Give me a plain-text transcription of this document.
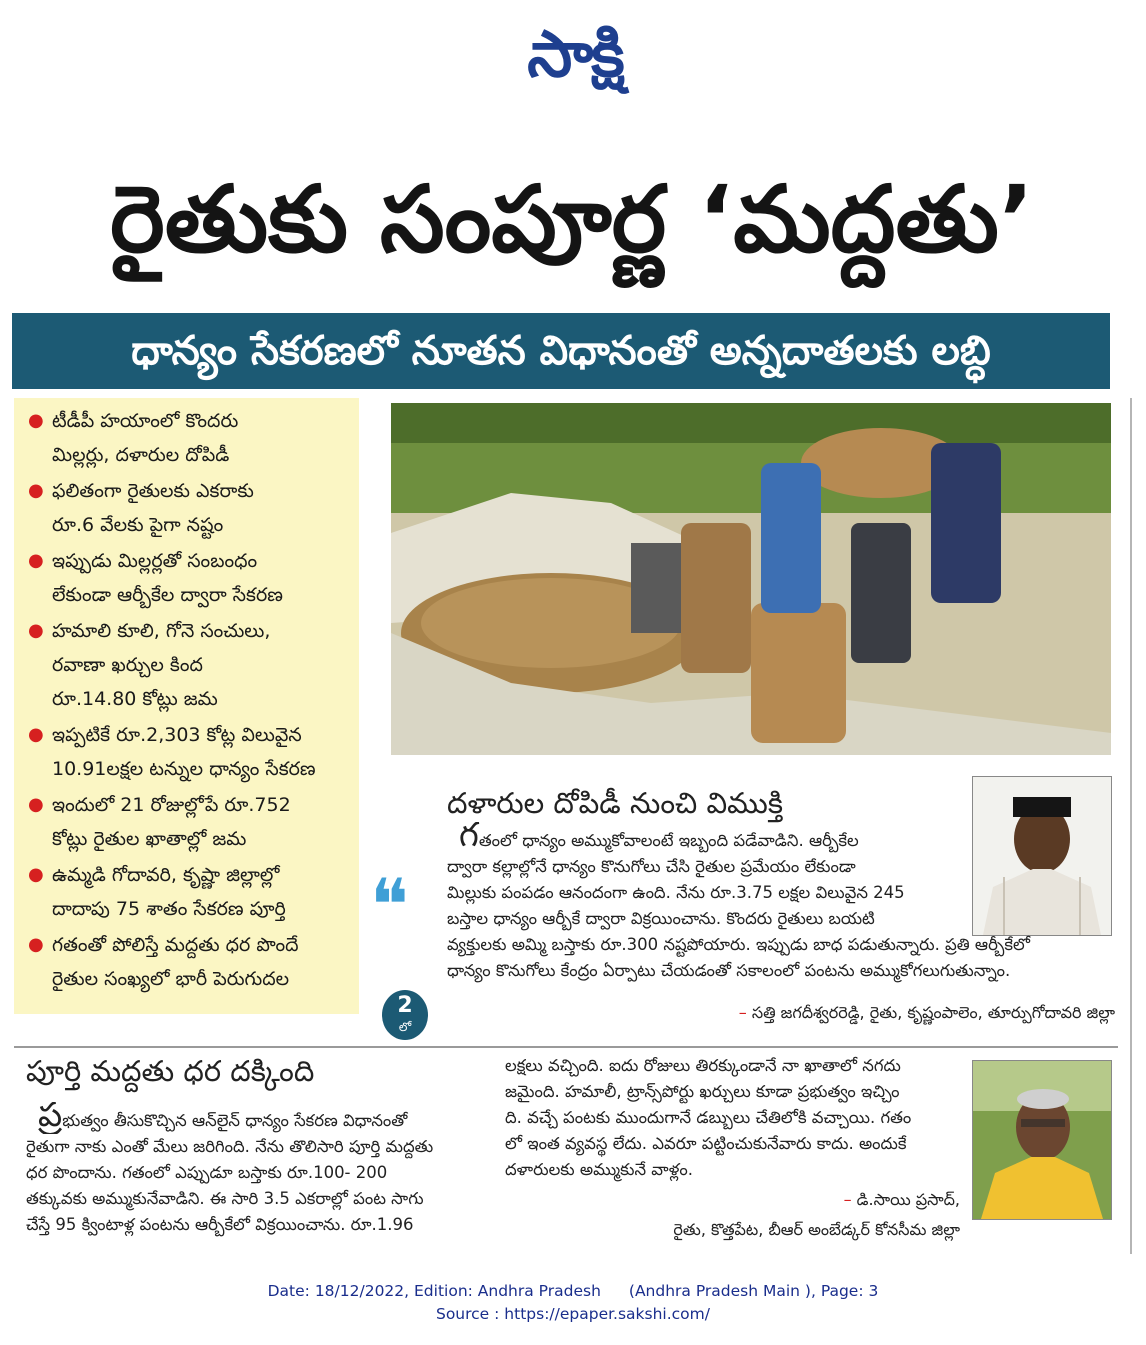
సాక్షి
రైతుకు సంపూర్ణ ‘మద్దతు’
ధాన్యం సేకరణలో నూతన విధానంతో అన్నదాతలకు లబ్ధి
● టీడీపీ హయాంలో కొందరు
మిల్లర్లు, దళారుల దోపిడీ
● ఫలితంగా రైతులకు ఎకరాకు
రూ.6 వేలకు పైగా నష్టం
● ఇప్పుడు మిల్లర్లతో సంబంధం
లేకుండా ఆర్బీకేల ద్వారా సేకరణ
● హమాలి కూలి, గోనె సంచులు,
రవాణా ఖర్చుల కింద
రూ.14.80 కోట్లు జమ
● ఇప్పటికే రూ.2,303 కోట్ల విలువైన
10.91లక్షల టన్నుల ధాన్యం సేకరణ
● ఇందులో 21 రోజుల్లోపే రూ.752
కోట్లు రైతుల ఖాతాల్లో జమ
● ఉమ్మడి గోదావరి, కృష్ణా జిల్లాల్లో
దాదాపు 75 శాతం సేకరణ పూర్తి
● గతంతో పోలిస్తే మద్దతు ధర పొందే
రైతుల సంఖ్యలో భారీ పెరుగుదల
దళారుల దోపిడీ నుంచి విముక్తి
❝
గతంలో ధాన్యం అమ్ముకోవాలంటే ఇబ్బంది పడేవాడిని. ఆర్బీకేల
ద్వారా కల్లాల్లోనే ధాన్యం కొనుగోలు చేసి రైతుల ప్రమేయం లేకుండా
మిల్లుకు పంపడం ఆనందంగా ఉంది. నేను రూ.3.75 లక్షల విలువైన 245
బస్తాల ధాన్యం ఆర్బీకే ద్వారా విక్రయించాను. కొందరు రైతులు బయటి
వ్యక్తులకు అమ్మి బస్తాకు రూ.300 నష్టపోయారు. ఇప్పుడు బాధ పడుతున్నారు. ప్రతి ఆర్బీకేలో
ధాన్యం కొనుగోలు కేంద్రం ఏర్పాటు చేయడంతో సకాలంలో పంటను అమ్ముకోగలుగుతున్నాం.
– సత్తి జగదీశ్వరరెడ్డి, రైతు, కృష్ణంపాలెం, తూర్పుగోదావరి జిల్లా
2
లో
పూర్తి మద్దతు ధర దక్కింది
ప్రభుత్వం తీసుకొచ్చిన ఆన్‌లైన్ ధాన్యం సేకరణ విధానంతో
రైతుగా నాకు ఎంతో మేలు జరిగింది. నేను తొలిసారి పూర్తి మద్దతు
ధర పొందాను. గతంలో ఎప్పుడూ బస్తాకు రూ.100- 200
తక్కువకు అమ్ముకునేవాడిని. ఈ సారి 3.5 ఎకరాల్లో పంట సాగు
చేస్తే 95 క్వింటాళ్ల పంటను ఆర్బీకేలో విక్రయించాను. రూ.1.96
లక్షలు వచ్చింది. ఐదు రోజులు తిరక్కుండానే నా ఖాతాలో నగదు
జమైంది. హమాలీ, ట్రాన్స్‌పోర్టు ఖర్చులు కూడా ప్రభుత్వం ఇచ్చిం
ది. వచ్చే పంటకు ముందుగానే డబ్బులు చేతిలోకి వచ్చాయి. గతం
లో ఇంత వ్యవస్థ లేదు. ఎవరూ పట్టించుకునేవారు కాదు. అందుకే
దళారులకు అమ్ముకునే వాళ్లం.
– డి.సాయి ప్రసాద్,
రైతు, కొత్తపేట, బీఆర్ అంబేడ్కర్ కోనసీమ జిల్లా
Date: 18/12/2022, Edition: Andhra Pradesh (Andhra Pradesh Main ), Page: 3
Source : https://epaper.sakshi.com/
